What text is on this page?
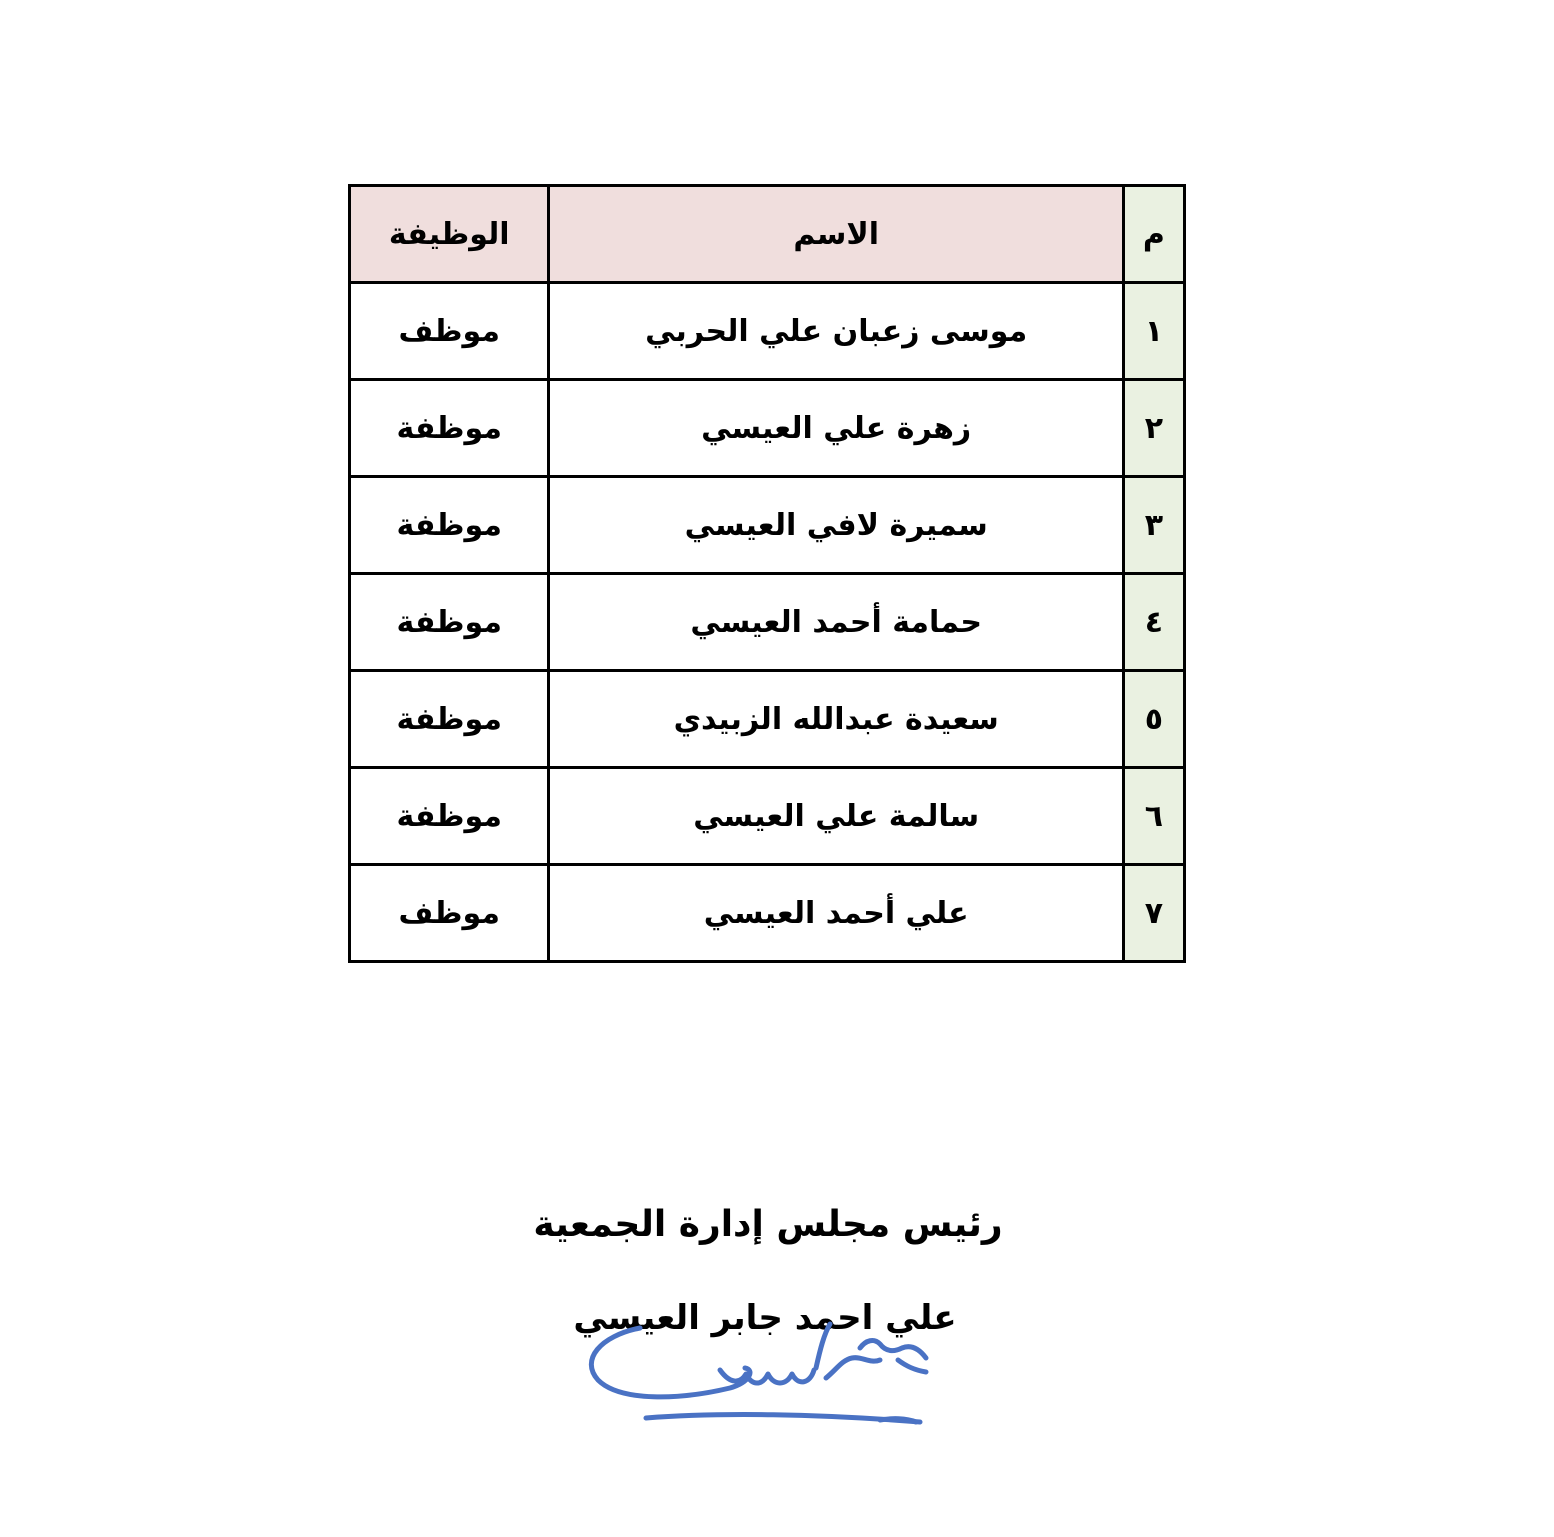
م	الاسم	الوظيفة
١	موسى زعبان علي الحربي	موظف
٢	زهرة علي العيسي	موظفة
٣	سميرة لافي العيسي	موظفة
٤	حمامة أحمد العيسي	موظفة
٥	سعيدة عبدالله الزبيدي	موظفة
٦	سالمة علي العيسي	موظفة
٧	علي أحمد العيسي	موظف
رئيس مجلس إدارة الجمعية
علي احمد جابر العيسي
